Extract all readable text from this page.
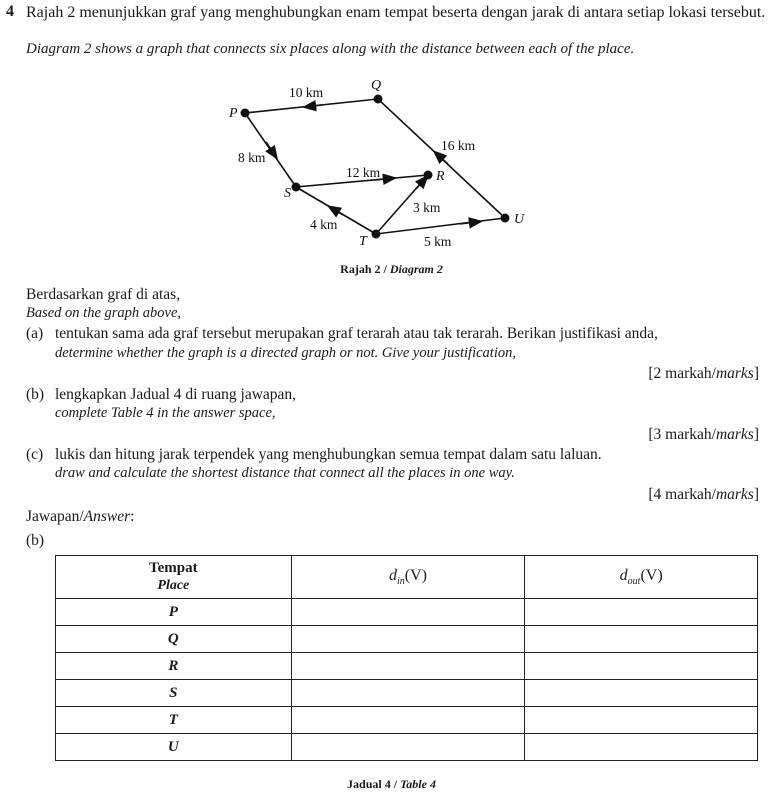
4 Rajah 2 menunjukkan graf yang menghubungkan enam tempat beserta dengan jarak di antara setiap lokasi tersebut.
Diagram 2 shows a graph that connects six places along with the distance between each of the place.
P
Q
R
S
T
U
10 km
8 km
12 km
16 km
3 km
4 km
5 km
Rajah 2 / Diagram 2
Berdasarkan graf di atas,
Based on the graph above,
(a) tentukan sama ada graf tersebut merupakan graf terarah atau tak terarah. Berikan justifikasi anda,
determine whether the graph is a directed graph or not. Give your justification,
[2 markah/marks]
(b) lengkapkan Jadual 4 di ruang jawapan,
complete Table 4 in the answer space,
[3 markah/marks]
(c) lukis dan hitung jarak terpendek yang menghubungkan semua tempat dalam satu laluan.
draw and calculate the shortest distance that connect all the places in one way.
[4 markah/marks]
Jawapan/Answer:
(b)
Tempat
Place	$d_{in}(V)$	$d_{out}(V)$
P		
Q		
R		
S		
T		
U		
Jadual 4 / Table 4
